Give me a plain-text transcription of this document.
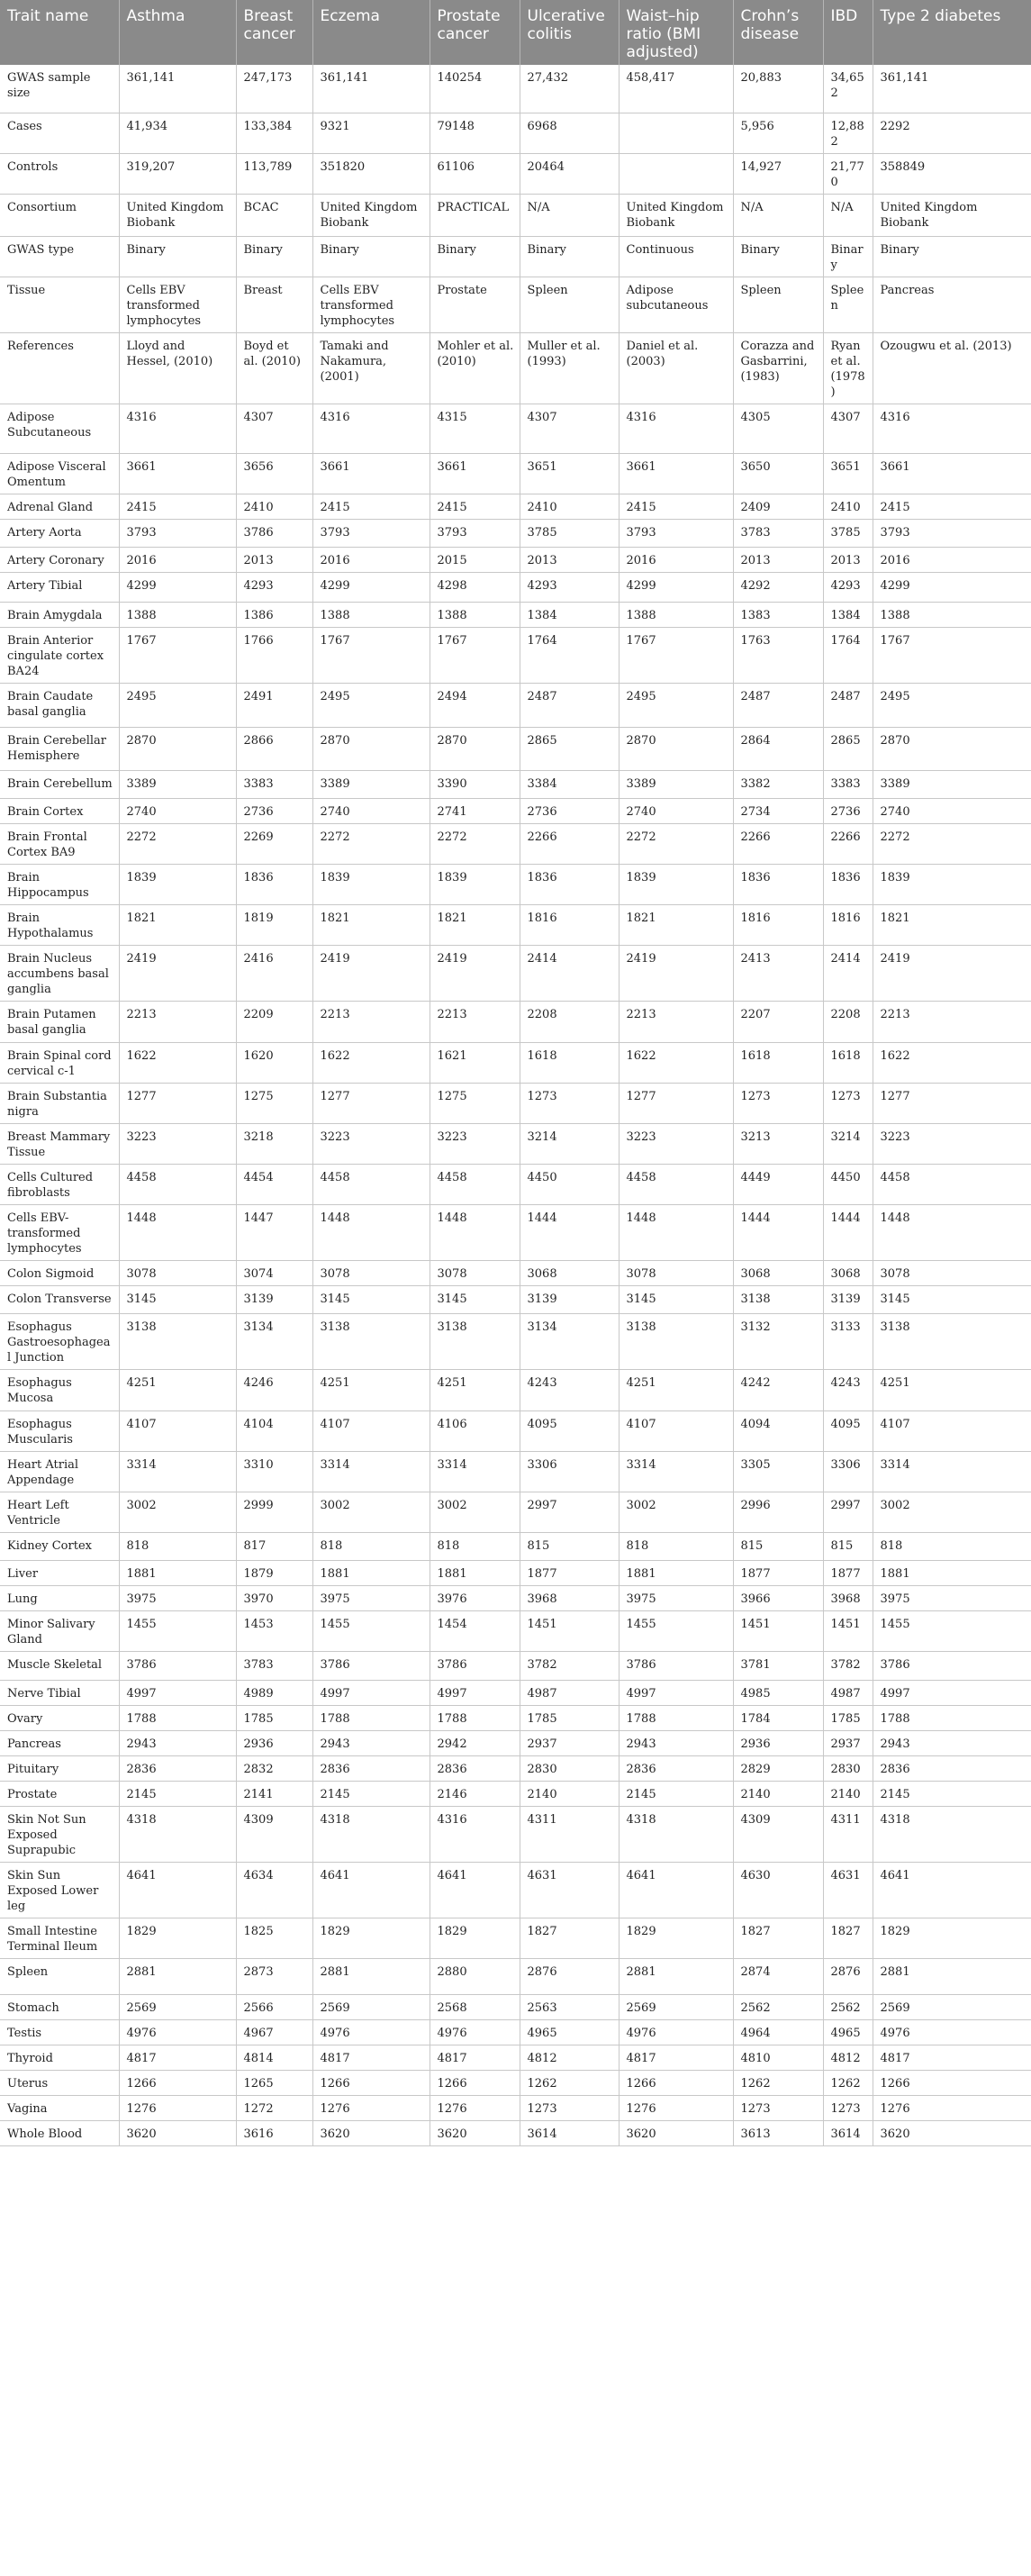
Trait name	Asthma	Breast cancer	Eczema	Prostate cancer	Ulcerative colitis	Waist–hip ratio (BMI adjusted)	Crohn’s disease	IBD	Type 2 diabetes
GWAS sample size	361,141	247,173	361,141	140254	27,432	458,417	20,883	34,652	361,141
Cases	41,934	133,384	9321	79148	6968		5,956	12,882	2292
Controls	319,207	113,789	351820	61106	20464		14,927	21,770	358849
Consortium	United Kingdom Biobank	BCAC	United Kingdom Biobank	PRACTICAL	N/A	United Kingdom Biobank	N/A	N/A	United Kingdom Biobank
GWAS type	Binary	Binary	Binary	Binary	Binary	Continuous	Binary	Binary	Binary
Tissue	Cells EBV transformed lymphocytes	Breast	Cells EBV transformed lymphocytes	Prostate	Spleen	Adipose subcutaneous	Spleen	Spleen	Pancreas
References	Lloyd and Hessel, (2010)	Boyd et al. (2010)	Tamaki and Nakamura, (2001)	Mohler et al. (2010)	Muller et al. (1993)	Daniel et al. (2003)	Corazza and Gasbarrini, (1983)	Ryan et al. (1978)	Ozougwu et al. (2013)
Adipose Subcutaneous	4316	4307	4316	4315	4307	4316	4305	4307	4316
Adipose Visceral Omentum	3661	3656	3661	3661	3651	3661	3650	3651	3661
Adrenal Gland	2415	2410	2415	2415	2410	2415	2409	2410	2415
Artery Aorta	3793	3786	3793	3793	3785	3793	3783	3785	3793
Artery Coronary	2016	2013	2016	2015	2013	2016	2013	2013	2016
Artery Tibial	4299	4293	4299	4298	4293	4299	4292	4293	4299
Brain Amygdala	1388	1386	1388	1388	1384	1388	1383	1384	1388
Brain Anterior cingulate cortex BA24	1767	1766	1767	1767	1764	1767	1763	1764	1767
Brain Caudate basal ganglia	2495	2491	2495	2494	2487	2495	2487	2487	2495
Brain Cerebellar Hemisphere	2870	2866	2870	2870	2865	2870	2864	2865	2870
Brain Cerebellum	3389	3383	3389	3390	3384	3389	3382	3383	3389
Brain Cortex	2740	2736	2740	2741	2736	2740	2734	2736	2740
Brain Frontal Cortex BA9	2272	2269	2272	2272	2266	2272	2266	2266	2272
Brain Hippocampus	1839	1836	1839	1839	1836	1839	1836	1836	1839
Brain Hypothalamus	1821	1819	1821	1821	1816	1821	1816	1816	1821
Brain Nucleus accumbens basal ganglia	2419	2416	2419	2419	2414	2419	2413	2414	2419
Brain Putamen basal ganglia	2213	2209	2213	2213	2208	2213	2207	2208	2213
Brain Spinal cord cervical c-1	1622	1620	1622	1621	1618	1622	1618	1618	1622
Brain Substantia nigra	1277	1275	1277	1275	1273	1277	1273	1273	1277
Breast Mammary Tissue	3223	3218	3223	3223	3214	3223	3213	3214	3223
Cells Cultured fibroblasts	4458	4454	4458	4458	4450	4458	4449	4450	4458
Cells EBV-transformed lymphocytes	1448	1447	1448	1448	1444	1448	1444	1444	1448
Colon Sigmoid	3078	3074	3078	3078	3068	3078	3068	3068	3078
Colon Transverse	3145	3139	3145	3145	3139	3145	3138	3139	3145
Esophagus Gastroesophageal Junction	3138	3134	3138	3138	3134	3138	3132	3133	3138
Esophagus Mucosa	4251	4246	4251	4251	4243	4251	4242	4243	4251
Esophagus Muscularis	4107	4104	4107	4106	4095	4107	4094	4095	4107
Heart Atrial Appendage	3314	3310	3314	3314	3306	3314	3305	3306	3314
Heart Left Ventricle	3002	2999	3002	3002	2997	3002	2996	2997	3002
Kidney Cortex	818	817	818	818	815	818	815	815	818
Liver	1881	1879	1881	1881	1877	1881	1877	1877	1881
Lung	3975	3970	3975	3976	3968	3975	3966	3968	3975
Minor Salivary Gland	1455	1453	1455	1454	1451	1455	1451	1451	1455
Muscle Skeletal	3786	3783	3786	3786	3782	3786	3781	3782	3786
Nerve Tibial	4997	4989	4997	4997	4987	4997	4985	4987	4997
Ovary	1788	1785	1788	1788	1785	1788	1784	1785	1788
Pancreas	2943	2936	2943	2942	2937	2943	2936	2937	2943
Pituitary	2836	2832	2836	2836	2830	2836	2829	2830	2836
Prostate	2145	2141	2145	2146	2140	2145	2140	2140	2145
Skin Not Sun Exposed Suprapubic	4318	4309	4318	4316	4311	4318	4309	4311	4318
Skin Sun Exposed Lower leg	4641	4634	4641	4641	4631	4641	4630	4631	4641
Small Intestine Terminal Ileum	1829	1825	1829	1829	1827	1829	1827	1827	1829
Spleen	2881	2873	2881	2880	2876	2881	2874	2876	2881
Stomach	2569	2566	2569	2568	2563	2569	2562	2562	2569
Testis	4976	4967	4976	4976	4965	4976	4964	4965	4976
Thyroid	4817	4814	4817	4817	4812	4817	4810	4812	4817
Uterus	1266	1265	1266	1266	1262	1266	1262	1262	1266
Vagina	1276	1272	1276	1276	1273	1276	1273	1273	1276
Whole Blood	3620	3616	3620	3620	3614	3620	3613	3614	3620
